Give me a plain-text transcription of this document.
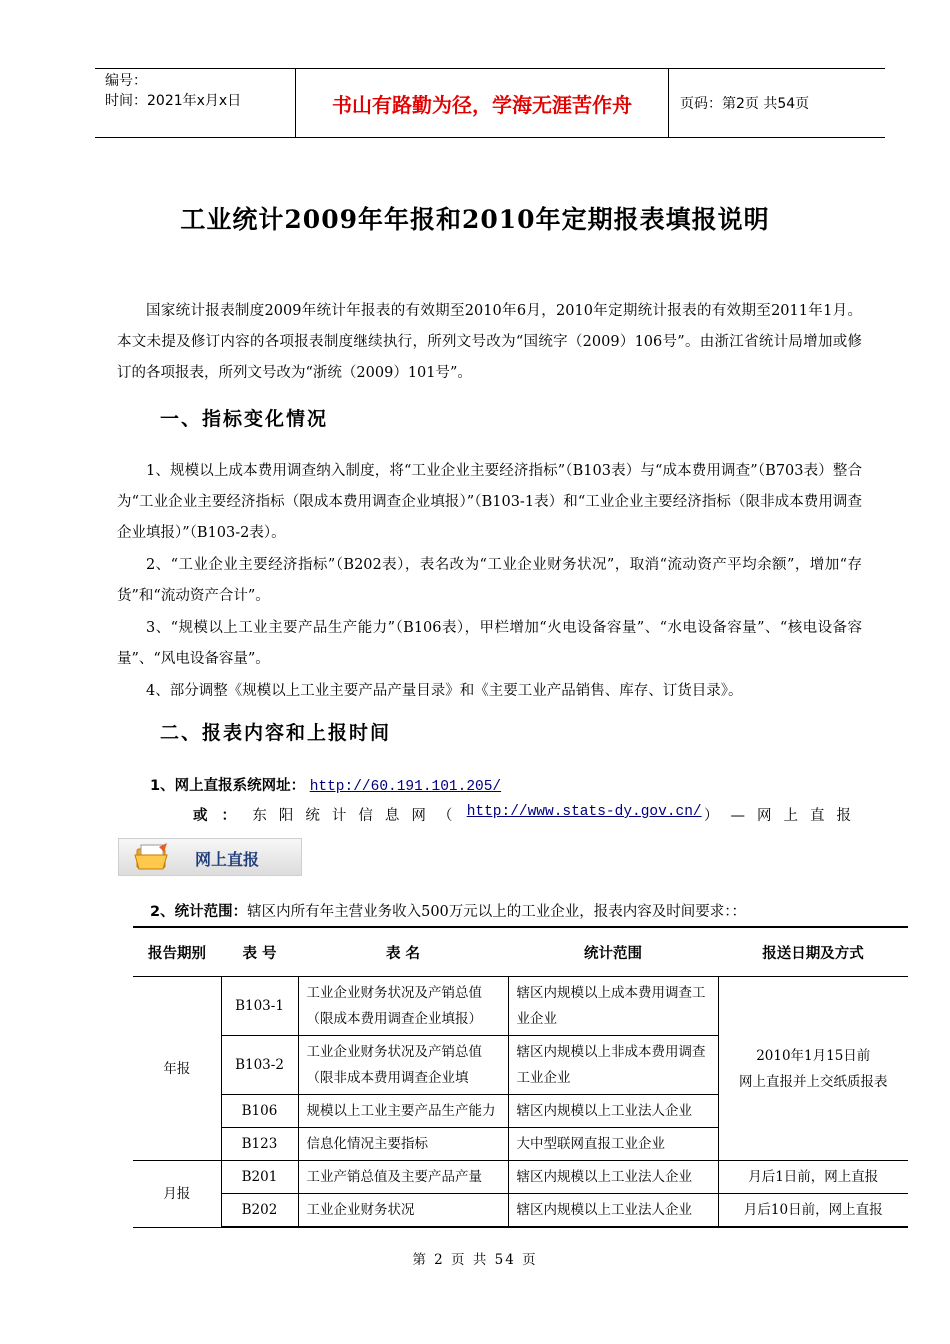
编号：
时间：2021年x月x日	书山有路勤为径，学海无涯苦作舟	页码：第2页 共54页
工业统计2009年年报和2010年定期报表填报说明
国家统计报表制度2009年统计年报表的有效期至2010年6月，2010年定期统计报表的有效期至2011年1月。本文未提及修订内容的各项报表制度继续执行，所列文号改为“国统字（2009）106号”。由浙江省统计局增加或修订的各项报表，所列文号改为“浙统（2009）101号”。
一、指标变化情况
1、规模以上成本费用调查纳入制度，将“工业企业主要经济指标”（B103表）与“成本费用调查”（B703表）整合为“工业企业主要经济指标（限成本费用调查企业填报）”（B103-1表）和“工业企业主要经济指标（限非成本费用调查企业填报）”（B103-2表）。
2、“工业企业主要经济指标”（B202表），表名改为“工业企业财务状况”，取消“流动资产平均余额”，增加“存货”和“流动资产合计”。
3、“规模以上工业主要产品生产能力”（B106表），甲栏增加“火电设备容量”、“水电设备容量”、“核电设备容量”、“风电设备容量”。
4、部分调整《规模以上工业主要产品产量目录》和《主要工业产品销售、库存、订货目录》。
二、报表内容和上报时间
1、网上直报系统网址： http://60.191.101.205/
或： 东阳统计信息网（ http://www.stats-dy.gov.cn/ ）—网上直报
网上直报
2、统计范围：辖区内所有年主营业务收入500万元以上的工业企业，报表内容及时间要求：：
报告期别	表 号	表 名	统计范围	报送日期及方式
年报	B103-1	工业企业财务状况及产销总值（限成本费用调查企业填报）	辖区内规模以上成本费用调查工业企业	2010年1月15日前
网上直报并上交纸质报表

	B103-2	工业企业财务状况及产销总值（限非成本费用调查企业填	辖区内规模以上非成本费用调查工业企业	
	B106	规模以上工业主要产品生产能力	辖区内规模以上工业法人企业	
	B123	信息化情况主要指标	大中型联网直报工业企业	
月报	B201	工业产销总值及主要产品产量	辖区内规模以上工业法人企业	月后1日前，网上直报
	B202	工业企业财务状况	辖区内规模以上工业法人企业	月后10日前，网上直报
第 2 页 共 54 页
